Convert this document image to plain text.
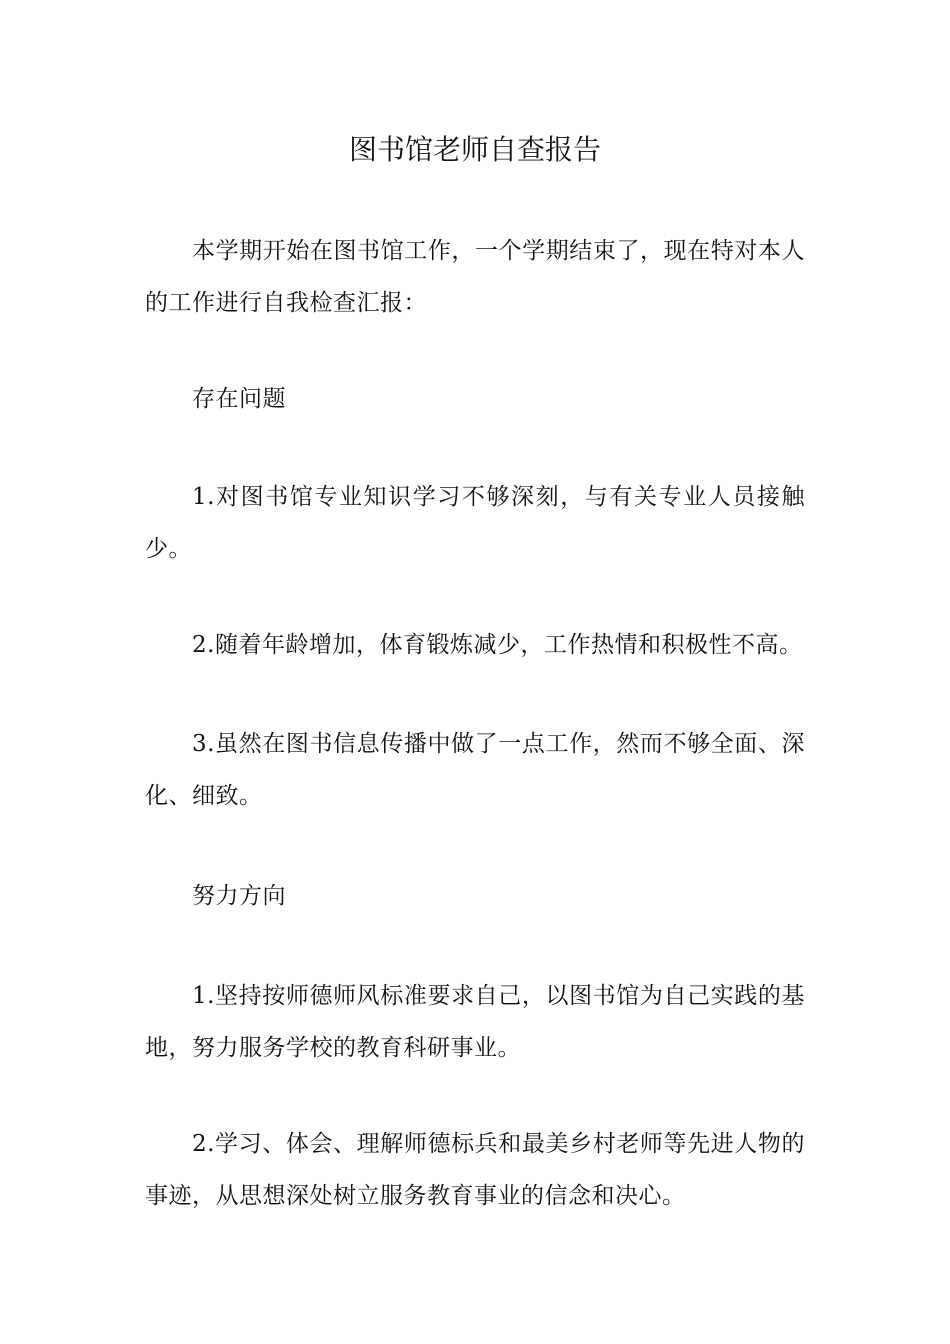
图书馆老师自查报告

本学期开始在图书馆工作，一个学期结束了，现在特对本人的工作进行自我检查汇报：

存在问题

1.对图书馆专业知识学习不够深刻，与有关专业人员接触少。

2.随着年龄增加，体育锻炼减少，工作热情和积极性不高。

3.虽然在图书信息传播中做了一点工作，然而不够全面、深化、细致。

努力方向

1.坚持按师德师风标准要求自己，以图书馆为自己实践的基地，努力服务学校的教育科研事业。

2.学习、体会、理解师德标兵和最美乡村老师等先进人物的事迹，从思想深处树立服务教育事业的信念和决心。
